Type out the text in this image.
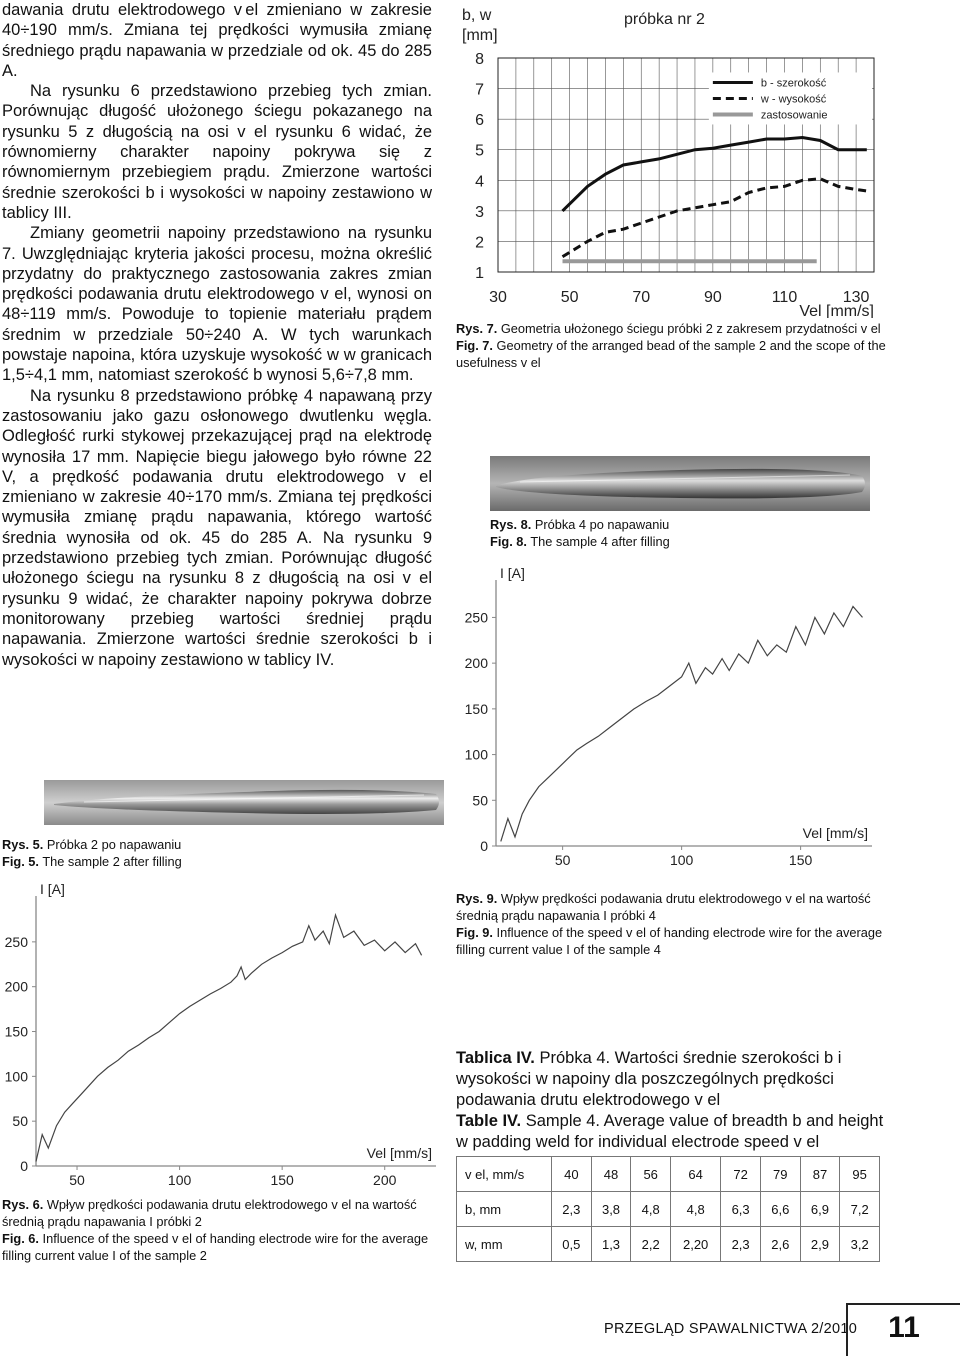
dawania drutu elektrodowego v el zmieniano w zakresie 40÷190 mm/s. Zmiana tej prędkości wymusiła zmianę średniego prądu napawania w przedziale od ok. 45 do 285 A.

Na rysunku 6 przedstawiono przebieg tych zmian. Porównując długość ułożonego ściegu pokazanego na rysunku 5 z długością na osi v el rysunku 6 widać, że równomierny charakter napoiny pokrywa się z równomiernym przebiegiem prądu. Zmierzone wartości średnie szerokości b i wysokości w napoiny zestawiono w tablicy III.

Zmiany geometrii napoiny przedstawiono na rysunku 7. Uwzględniając kryteria jakości procesu, można określić przydatny do praktycznego zastosowania zakres zmian prędkości podawania drutu elektrodowego v el, wynosi on 48÷119 mm/s. Powoduje to topienie materiału prądem średnim w przedziale 50÷240 A. W tych warunkach powstaje napoina, która uzyskuje wysokość w w granicach 1,5÷4,1 mm, natomiast szerokość b wynosi 5,6÷7,8 mm.

Na rysunku 8 przedstawiono próbkę 4 napawaną przy zastosowaniu jako gazu osłonowego dwutlenku węgla. Odległość rurki stykowej przekazującej prąd na elektrodę wynosiła 17 mm. Napięcie biegu jałowego było równe 22 V, a prędkość podawania drutu elektrodowego v el zmieniano w zakresie 40÷170 mm/s. Zmiana tej prędkości wymusiła zmianę prądu napawania, którego wartość średnia wynosiła od ok. 45 do 285 A. Na rysunku 9 przedstawiono przebieg tych zmian. Porównując długość ułożonego ściegu na rysunku 8 z długością na osi v el rysunku 9 widać, że charakter napoiny pokrywa dobrze monitorowany przebieg wartości średniej prądu napawania. Zmierzone wartości średnie szerokości b i wysokości w napoiny zestawiono w tablicy IV.

Rys. 5. Próbka 2 po napawaniu
Fig. 5. The sample 2 after filling
0
50
100
150
200
250
50	100	150	200
I [A]
Vel [mm/s]
Rys. 6. Wpływ prędkości podawania drutu elektrodowego v el na wartość średnią prądu napawania I próbki 2
Fig. 6. Influence of the speed v el of handing electrode wire for the average filling current value I of the sample 2
1
2
3
4
5
6
7
8
30	50	70	90	110	130
b, w
[mm]
Vel [mm/s]
próbka nr 2
b - szerokość
w - wysokość
zastosowanie
Rys. 7. Geometria ułożonego ściegu próbki 2 z zakresem przydatności v el
Fig. 7. Geometry of the arranged bead of the sample 2 and the scope of the usefulness v el
Rys. 8. Próbka 4 po napawaniu
Fig. 8. The sample 4 after filling
0
50
100
150
200
250
50	100	150
I [A]
Vel [mm/s]
Rys. 9. Wpływ prędkości podawania drutu elektrodowego v el na wartość średnią prądu napawania I próbki 4
Fig. 9. Influence of the speed v el of handing electrode wire for the average filling current value I of the sample 4
Tablica IV. Próbka 4. Wartości średnie szerokości b i wysokości w napoiny dla poszczególnych prędkości podawania drutu elektrodowego v el
Table IV. Sample 4. Average value of breadth b and height w padding weld for individual electrode speed v el
v el, mm/s	40	48	56	64	72	79	87	95
b, mm	2,3	3,8	4,8	4,8	6,3	6,6	6,9	7,2
w, mm	0,5	1,3	2,2	2,20	2,3	2,6	2,9	3,2
PRZEGLĄD SPAWALNICTWA 2/2010	11
